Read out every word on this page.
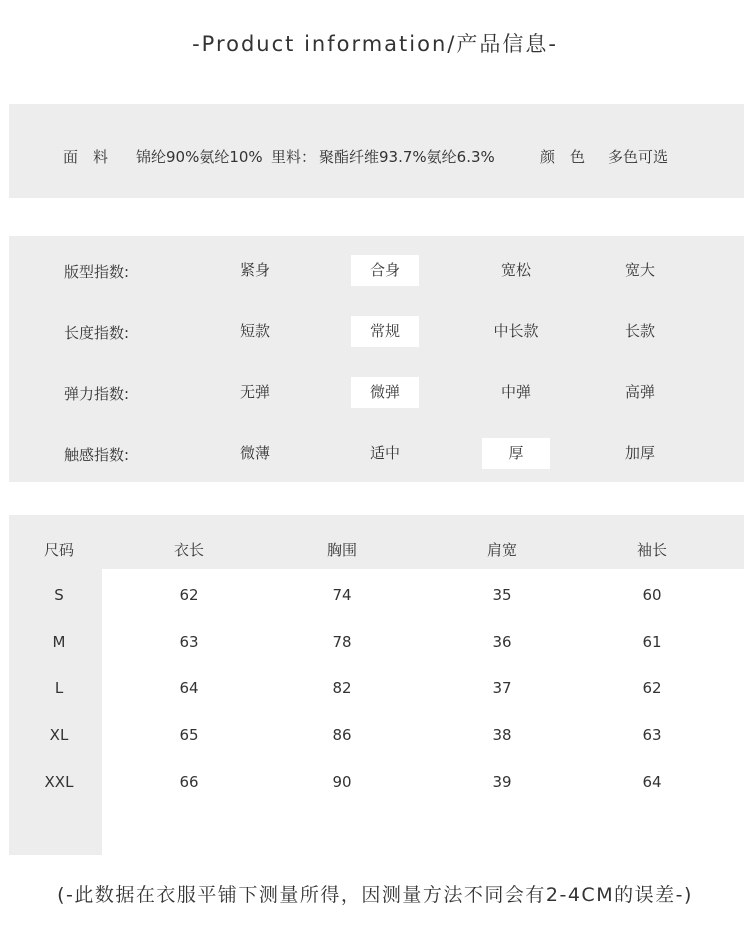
-Product information/产品信息-
面　料 锦纶90%氨纶10% 里料： 聚酯纤维93.7%氨纶6.3%	颜　色 多色可选
版型指数:	紧身	合身	宽松	宽大
长度指数:	短款	常规	中长款	长款
弹力指数:	无弹	微弹	中弹	高弹
触感指数:	微薄	适中	厚	加厚
尺码	衣长	胸围	肩宽	袖长
S	62	74	35	60
M	63	78	36	61
L	64	82	37	62
XL	65	86	38	63
XXL	66	90	39	64
(-此数据在衣服平铺下测量所得，因测量方法不同会有2-4CM的误差-)
